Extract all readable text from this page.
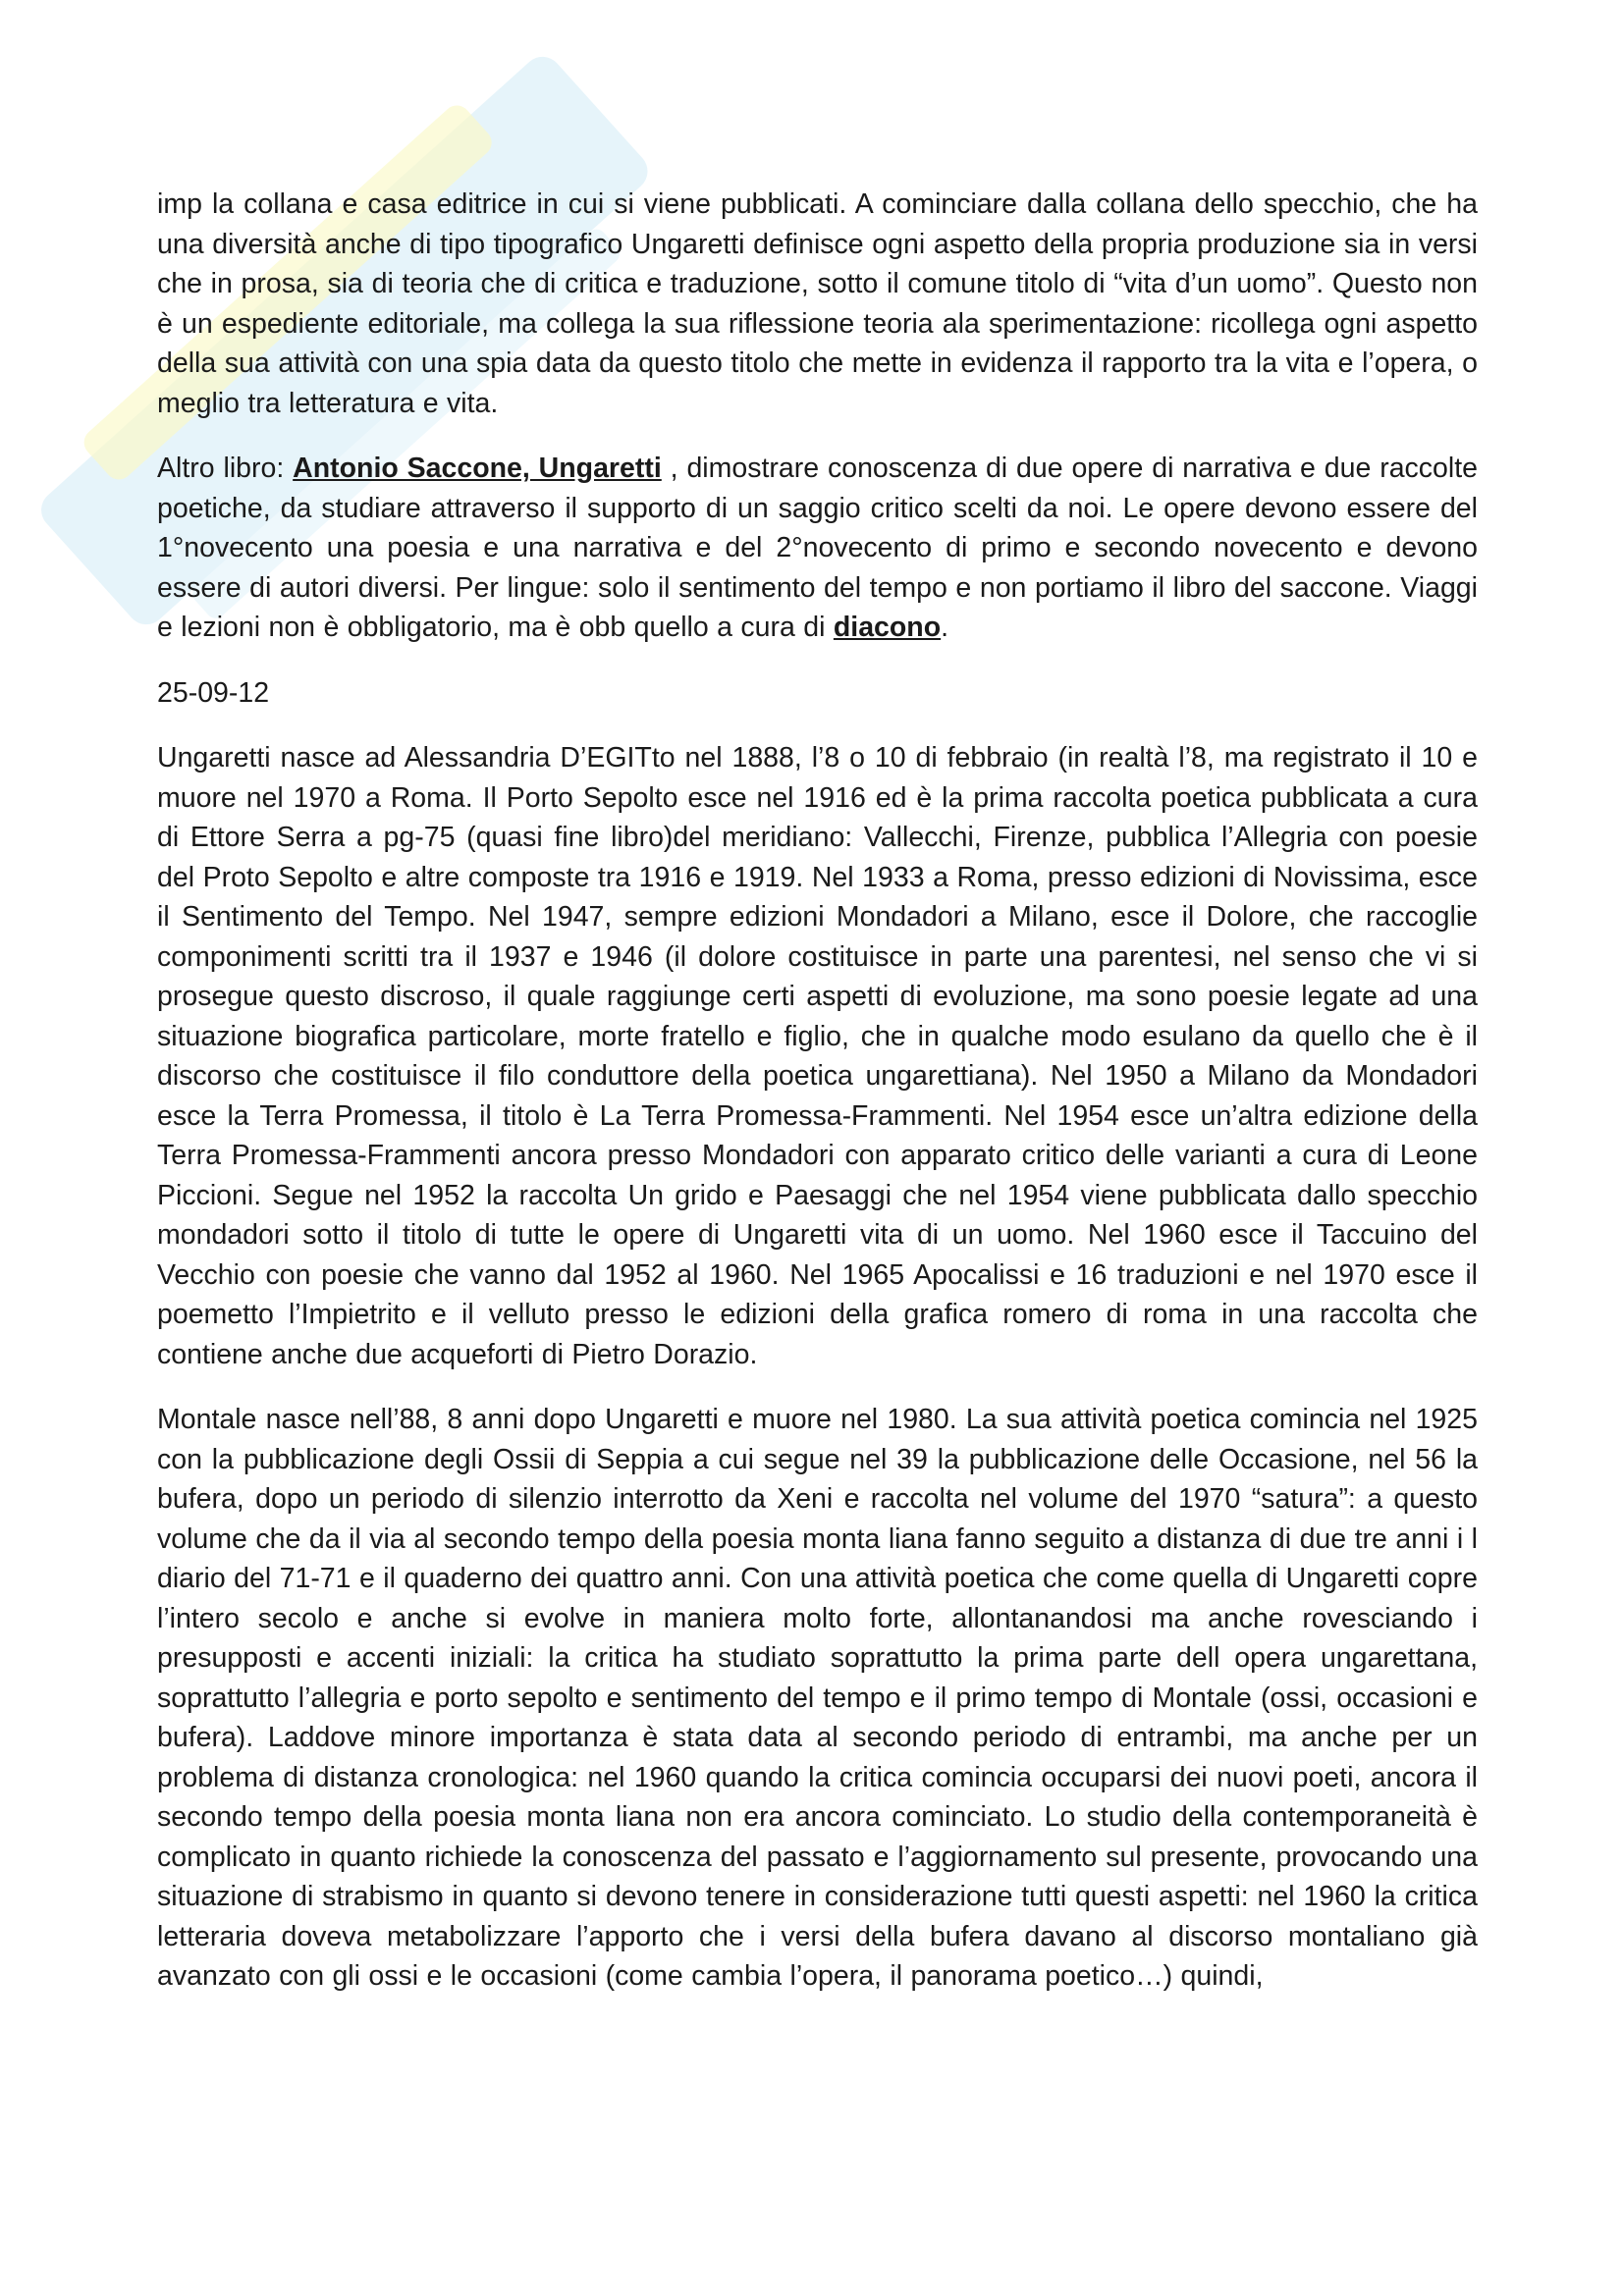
imp la collana e casa editrice in cui si viene pubblicati. A cominciare dalla collana dello specchio, che ha una diversità anche di tipo tipografico Ungaretti definisce ogni aspetto della propria produzione sia in versi che in prosa, sia di teoria che di critica e traduzione, sotto il comune titolo di “vita d’un uomo”. Questo non è un espediente editoriale, ma collega la sua riflessione teoria ala sperimentazione: ricollega ogni aspetto della sua attività con una spia data da questo titolo che mette in evidenza il rapporto tra la vita e l’opera, o meglio tra letteratura e vita.

Altro libro: Antonio Saccone, Ungaretti , dimostrare conoscenza di due opere di narrativa e due raccolte poetiche, da studiare attraverso il supporto di un saggio critico scelti da noi. Le opere devono essere del 1°novecento una poesia e una narrativa e del 2°novecento di primo e secondo novecento e devono essere di autori diversi. Per lingue: solo il sentimento del tempo e non portiamo il libro del saccone. Viaggi e lezioni non è obbligatorio, ma è obb quello a cura di diacono.

25-09-12

Ungaretti nasce ad Alessandria D’EGITto nel 1888, l’8 o 10 di febbraio (in realtà l’8, ma registrato il 10 e muore nel 1970 a Roma. Il Porto Sepolto esce nel 1916 ed è la prima raccolta poetica pubblicata a cura di Ettore Serra a pg-75 (quasi fine libro)del meridiano: Vallecchi, Firenze, pubblica l’Allegria con poesie del Proto Sepolto e altre composte tra 1916 e 1919. Nel 1933 a Roma, presso edizioni di Novissima, esce il Sentimento del Tempo. Nel 1947, sempre edizioni Mondadori a Milano, esce il Dolore, che raccoglie componimenti scritti tra il 1937 e 1946 (il dolore costituisce in parte una parentesi, nel senso che vi si prosegue questo discroso, il quale raggiunge certi aspetti di evoluzione, ma sono poesie legate ad una situazione biografica particolare, morte fratello e figlio, che in qualche modo esulano da quello che è il discorso che costituisce il filo conduttore della poetica ungarettiana). Nel 1950 a Milano da Mondadori esce la Terra Promessa, il titolo è La Terra Promessa-Frammenti. Nel 1954 esce un’altra edizione della Terra Promessa-Frammenti ancora presso Mondadori con apparato critico delle varianti a cura di Leone Piccioni. Segue nel 1952 la raccolta Un grido e Paesaggi che nel 1954 viene pubblicata dallo specchio mondadori sotto il titolo di tutte le opere di Ungaretti vita di un uomo. Nel 1960 esce il Taccuino del Vecchio con poesie che vanno dal 1952 al 1960. Nel 1965 Apocalissi e 16 traduzioni e nel 1970 esce il poemetto l’Impietrito e il velluto presso le edizioni della grafica romero di roma in una raccolta che contiene anche due acqueforti di Pietro Dorazio.

Montale nasce nell’88, 8 anni dopo Ungaretti e muore nel 1980. La sua attività poetica comincia nel 1925 con la pubblicazione degli Ossii di Seppia a cui segue nel 39 la pubblicazione delle Occasione, nel 56 la bufera, dopo un periodo di silenzio interrotto da Xeni e raccolta nel volume del 1970 “satura”: a questo volume che da il via al secondo tempo della poesia monta liana fanno seguito a distanza di due tre anni i l diario del 71-71 e il quaderno dei quattro anni. Con una attività poetica che come quella di Ungaretti copre l’intero secolo e anche si evolve in maniera molto forte, allontanandosi ma anche rovesciando i presupposti e accenti iniziali: la critica ha studiato soprattutto la prima parte dell opera ungarettana, soprattutto l’allegria e porto sepolto e sentimento del tempo e il primo tempo di Montale (ossi, occasioni e bufera). Laddove minore importanza è stata data al secondo periodo di entrambi, ma anche per un problema di distanza cronologica: nel 1960 quando la critica comincia occuparsi dei nuovi poeti, ancora il secondo tempo della poesia monta liana non era ancora cominciato. Lo studio della contemporaneità è complicato in quanto richiede la conoscenza del passato e l’aggiornamento sul presente, provocando una situazione di strabismo in quanto si devono tenere in considerazione tutti questi aspetti: nel 1960 la critica letteraria doveva metabolizzare l’apporto che i versi della bufera davano al discorso montaliano già avanzato con gli ossi e le occasioni (come cambia l’opera, il panorama poetico…) quindi,
